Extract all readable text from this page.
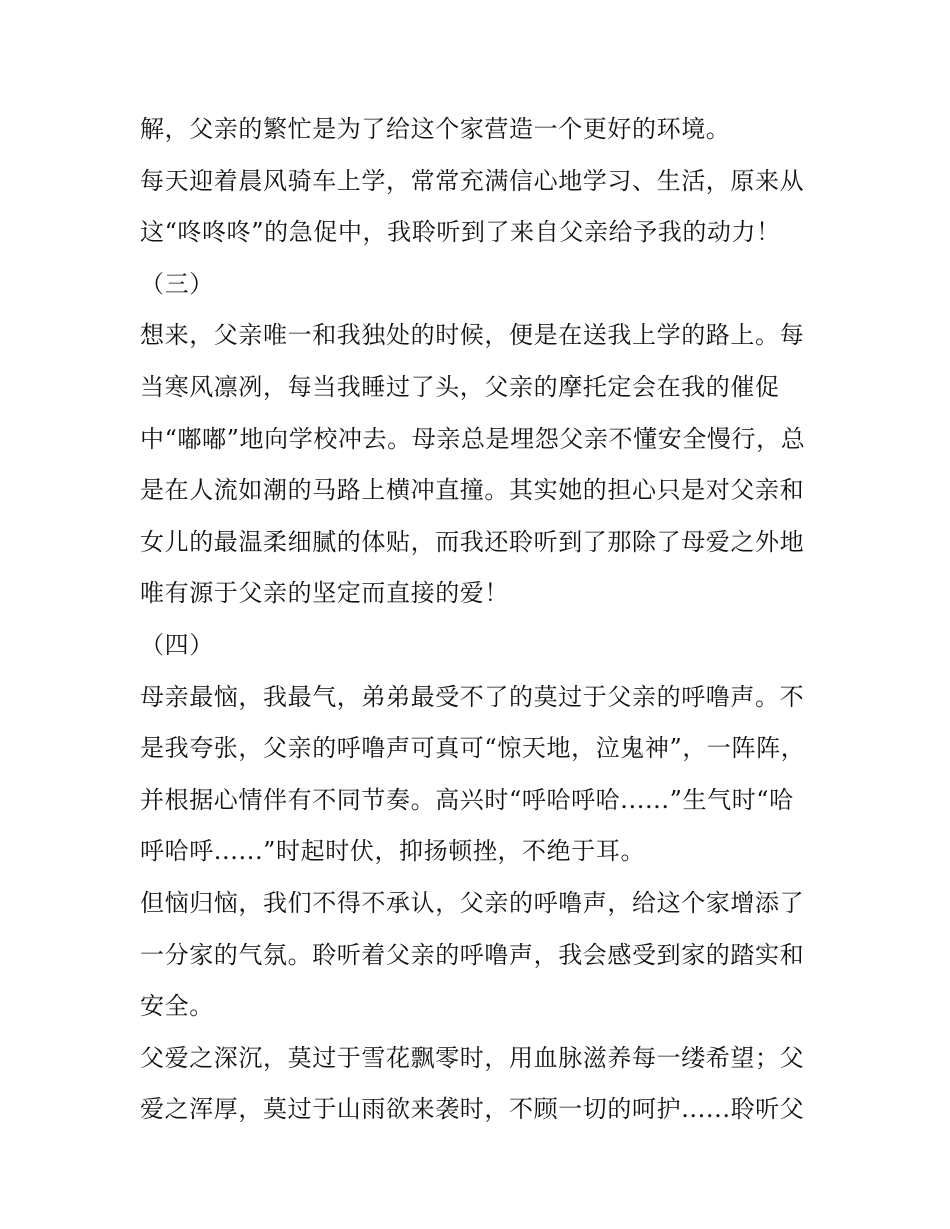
解，父亲的繁忙是为了给这个家营造一个更好的环境。
每天迎着晨风骑车上学，常常充满信心地学习、生活，原来从
这“咚咚咚”的急促中，我聆听到了来自父亲给予我的动力！
（三）
想来，父亲唯一和我独处的时候，便是在送我上学的路上。每
当寒风凛冽，每当我睡过了头，父亲的摩托定会在我的催促
中“嘟嘟”地向学校冲去。母亲总是埋怨父亲不懂安全慢行，总
是在人流如潮的马路上横冲直撞。其实她的担心只是对父亲和
女儿的最温柔细腻的体贴，而我还聆听到了那除了母爱之外地
唯有源于父亲的坚定而直接的爱！
（四）
母亲最恼，我最气，弟弟最受不了的莫过于父亲的呼噜声。不
是我夸张，父亲的呼噜声可真可“惊天地，泣鬼神”，一阵阵，
并根据心情伴有不同节奏。高兴时“呼哈呼哈......”生气时“哈
呼哈呼......”时起时伏，抑扬顿挫，不绝于耳。
但恼归恼，我们不得不承认，父亲的呼噜声，给这个家增添了
一分家的气氛。聆听着父亲的呼噜声，我会感受到家的踏实和
安全。
父爱之深沉，莫过于雪花飘零时，用血脉滋养每一缕希望；父
爱之浑厚，莫过于山雨欲来袭时，不顾一切的呵护......聆听父
